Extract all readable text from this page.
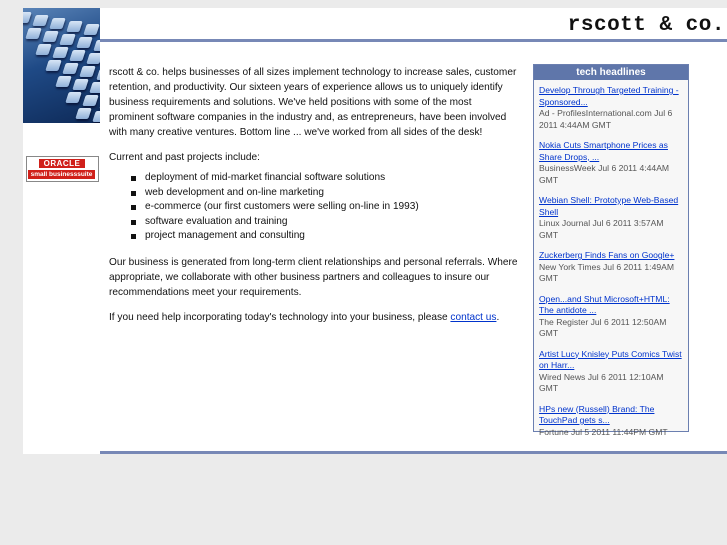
ORACLE
small businesssuite
rscott & co.

rscott & co. helps businesses of all sizes implement technology to increase sales, customer retention, and productivity. Our sixteen years of experience allows us to uniquely identify business requirements and solutions. We've held positions with some of the most prominent software companies in the industry and, as entrepreneurs, have been involved with many creative ventures. Bottom line ... we've worked from all sides of the desk!

Current and past projects include:

deployment of mid-market financial software solutions
web development and on-line marketing
e-commerce (our first customers were selling on-line in 1993)
software evaluation and training
project management and consulting

Our business is generated from long-term client relationships and personal referrals. Where appropriate, we collaborate with other business partners and colleagues to insure our recommendations meet your requirements.

If you need help incorporating today's technology into your business, please contact us.

tech headlines
Develop Through Targeted Training - Sponsored...
Ad - ProfilesInternational.com Jul 6 2011 4:44AM GMT
Nokia Cuts Smartphone Prices as Share Drops, ...
BusinessWeek Jul 6 2011 4:44AM GMT
Webian Shell: Prototype Web-Based Shell
Linux Journal Jul 6 2011 3:57AM GMT
Zuckerberg Finds Fans on Google+
New York Times Jul 6 2011 1:49AM GMT
Open...and Shut Microsoft+HTML: The antidote ...
The Register Jul 6 2011 12:50AM GMT
Artist Lucy Knisley Puts Comics Twist on Harr...
Wired News Jul 6 2011 12:10AM GMT
HPs new (Russell) Brand: The TouchPad gets s...
Fortune Jul 5 2011 11:44PM GMT
